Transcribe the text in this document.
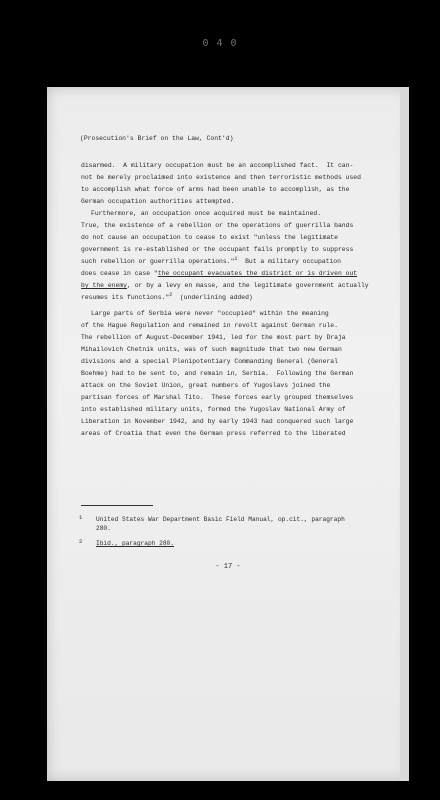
0 4 0
(Prosecution's Brief on the Law, Cont'd)
disarmed.  A military occupation must be an accomplished fact.  It can-
not be merely proclaimed into existence and then terroristic methods used
to accomplish what force of arms had been unable to accomplish, as the
German occupation authorities attempted.
Furthermore, an occupation once acquired must be maintained.
True, the existence of a rebellion or the operations of guerrilla bands
do not cause an occupation to cease to exist "unless the legitimate
government is re-established or the occupant fails promptly to suppress
such rebellion or guerrilla operations."$^1$  But a military occupation
does cease in case "the occupant evacuates the district or is driven out
by the enemy, or by a levy en masse, and the legitimate government actually
resumes its functions."$^2$  (underlining added)
Large parts of Serbia were never "occupied" within the meaning
of the Hague Regulation and remained in revolt against German rule.
The rebellion of August-December 1941, led for the most part by Draja
Mihailovich Chetnik units, was of such magnitude that two new German
divisions and a special Plenipotentiary Commanding General (General
Boehme) had to be sent to, and remain in, Serbia.  Following the German
attack on the Soviet Union, great numbers of Yugoslavs joined the
partisan forces of Marshal Tito.  These forces early grouped themselves
into established military units, formed the Yugoslav National Army of
Liberation in November 1942, and by early 1943 had conquered such large
areas of Croatia that even the German press referred to the liberated
1 United States War Department Basic Field Manual, op.cit., paragraph
280.
2 Ibid., paragraph 280.
- 17 -
